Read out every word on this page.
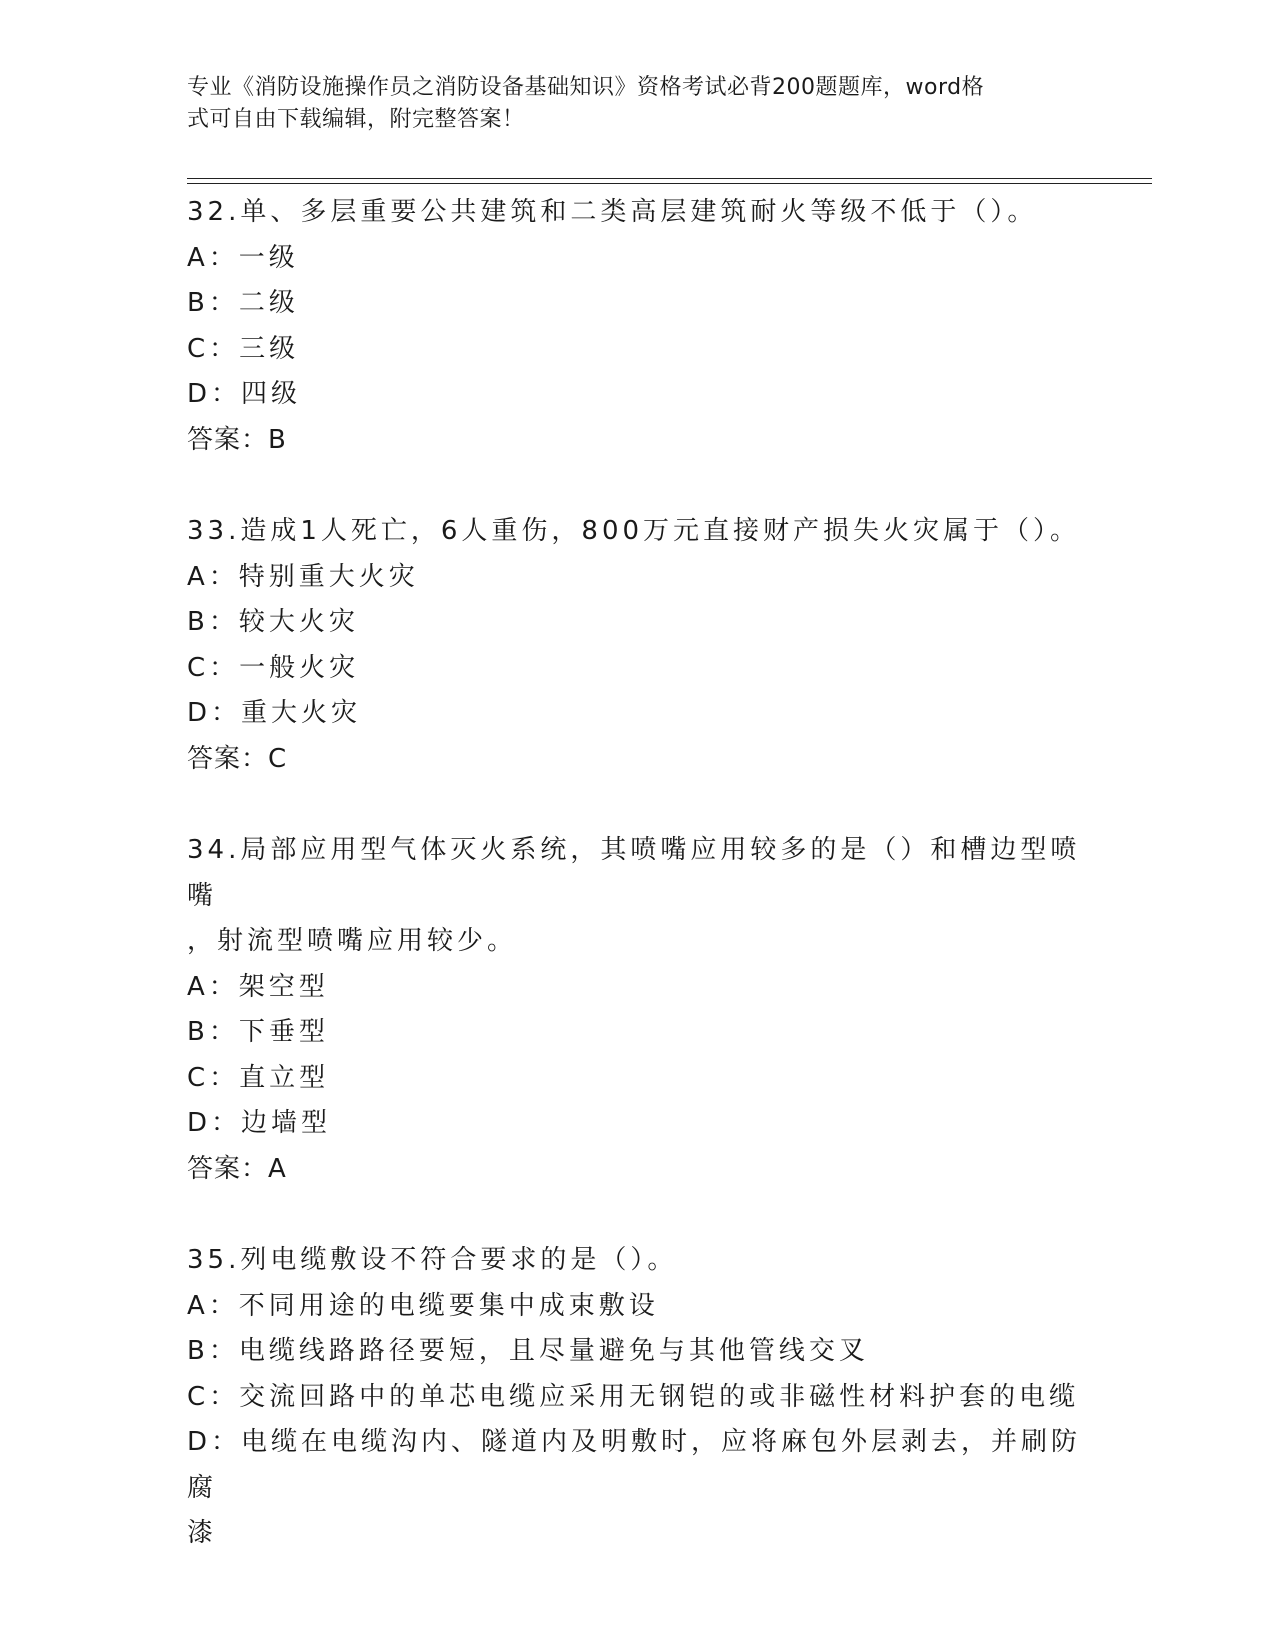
专业《消防设施操作员之消防设备基础知识》资格考试必背200题题库，word格
式可自由下载编辑，附完整答案！

32.单、多层重要公共建筑和二类高层建筑耐火等级不低于（）。

A：一级

B：二级

C：三级

D：四级

答案：B

33.造成1人死亡，6人重伤，800万元直接财产损失火灾属于（）。

A：特别重大火灾

B：较大火灾

C：一般火灾

D：重大火灾

答案：C

34.局部应用型气体灭火系统，其喷嘴应用较多的是（）和槽边型喷嘴

，射流型喷嘴应用较少。

A：架空型

B：下垂型

C：直立型

D：边墙型

答案：A

35.列电缆敷设不符合要求的是（）。

A：不同用途的电缆要集中成束敷设

B：电缆线路路径要短，且尽量避免与其他管线交叉

C：交流回路中的单芯电缆应采用无钢铠的或非磁性材料护套的电缆

D：电缆在电缆沟内、隧道内及明敷时，应将麻包外层剥去，并刷防腐

漆
